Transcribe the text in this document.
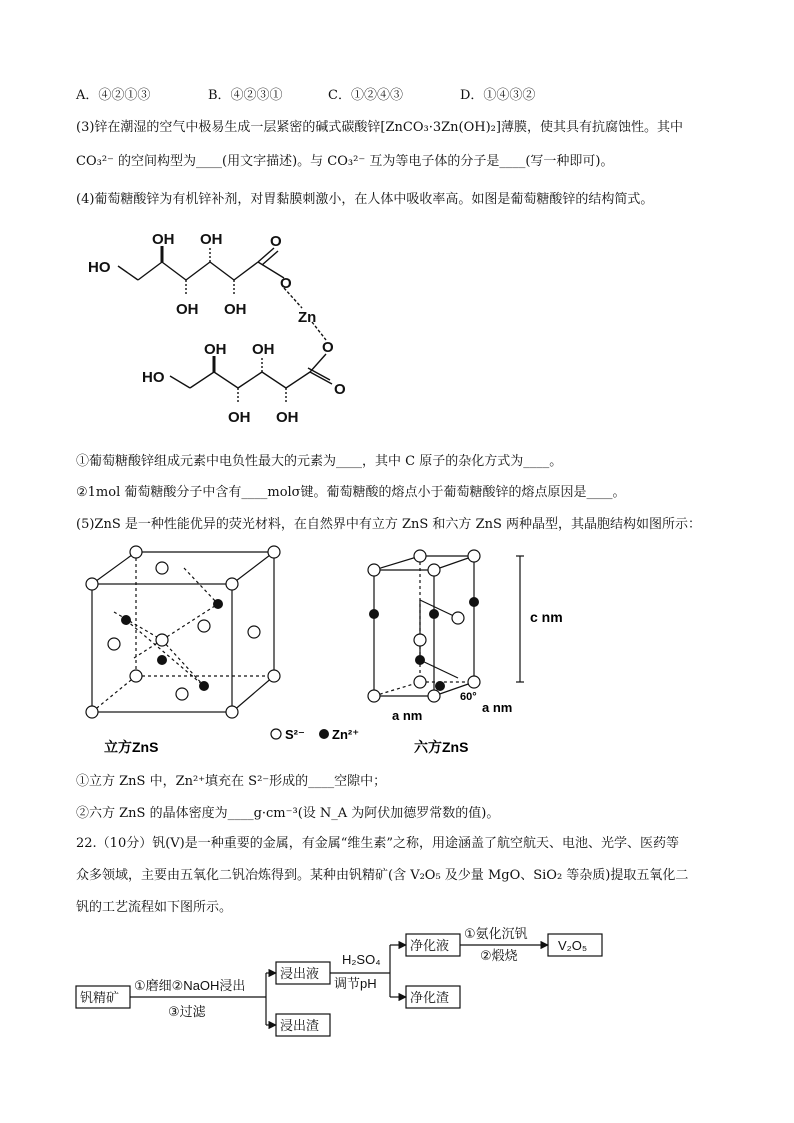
A．④②①③	B．④②③①	C．①②④③	D．①④③②
(3)锌在潮湿的空气中极易生成一层紧密的碱式碳酸锌[ZnCO₃·3Zn(OH)₂]薄膜，使其具有抗腐蚀性。其中
CO₃²⁻ 的空间构型为____(用文字描述)。与 CO₃²⁻ 互为等电子体的分子是____(写一种即可)。
(4)葡萄糖酸锌为有机锌补剂，对胃黏膜刺激小，在人体中吸收率高。如图是葡萄糖酸锌的结构简式。
HO
OH OH
OH OH
O
O
Zn
O
O
HO
OH OH
OH OH
①葡萄糖酸锌组成元素中电负性最大的元素为____，其中 C 原子的杂化方式为____。
②1mol 葡萄糖酸分子中含有____molσ键。葡萄糖酸的熔点小于葡萄糖酸锌的熔点原因是____。
(5)ZnS 是一种性能优异的荧光材料，在自然界中有立方 ZnS 和六方 ZnS 两种晶型，其晶胞结构如图所示：
立方ZnS
S²⁻ Zn²⁺
c nm
a nm
a nm
60°
六方ZnS
①立方 ZnS 中，Zn²⁺填充在 S²⁻形成的____空隙中；
②六方 ZnS 的晶体密度为____g·cm⁻³(设 N_A 为阿伏加德罗常数的值)。
22.（10分）钒(V)是一种重要的金属，有金属“维生素”之称，用途涵盖了航空航天、电池、光学、医药等
众多领域，主要由五氧化二钒冶炼得到。某种由钒精矿(含 V₂O₅ 及少量 MgO、SiO₂ 等杂质)提取五氧化二
钒的工艺流程如下图所示。
钒精矿
①磨细②NaOH浸出
③过滤
浸出液
浸出渣
H₂SO₄
调节pH
净化液
净化渣
①氨化沉钒
②煅烧
V₂O₅
